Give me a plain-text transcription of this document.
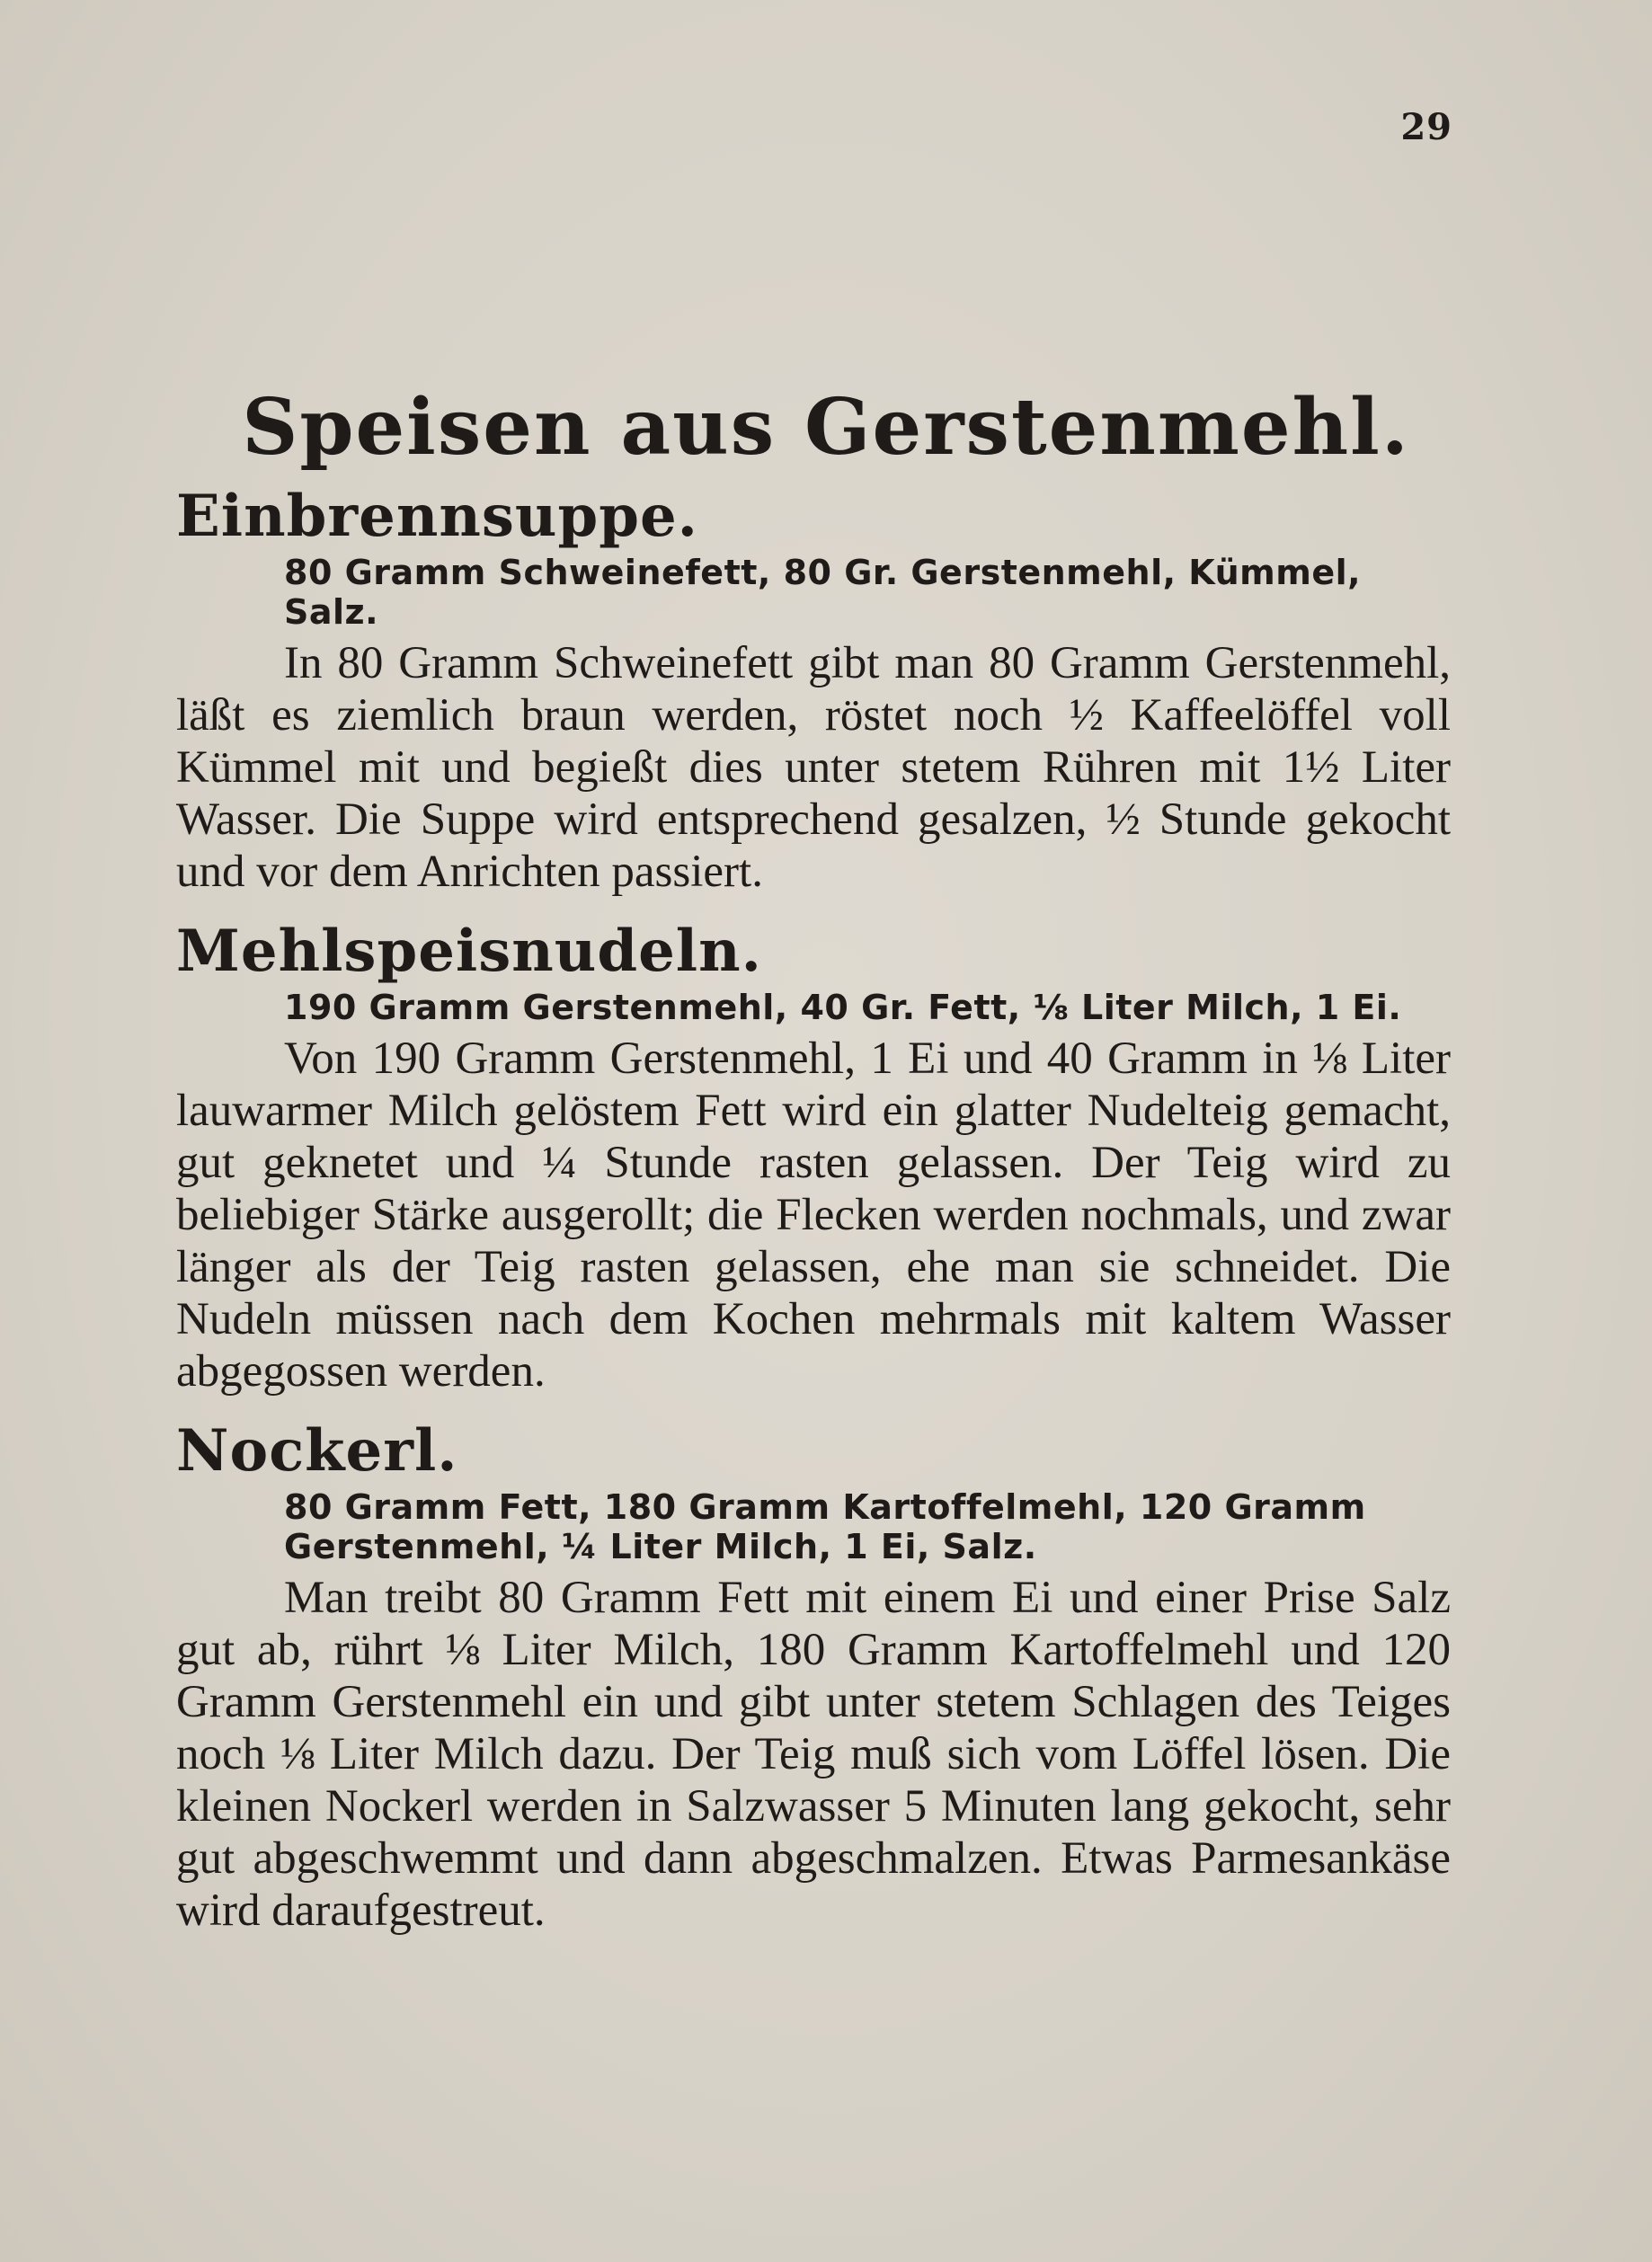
29
Speisen aus Gerstenmehl.
Einbrennsuppe.

80 Gramm Schweinefett, 80 Gr. Gerstenmehl, Kümmel, Salz.

In 80 Gramm Schweinefett gibt man 80 Gramm Gerstenmehl, läßt es ziemlich braun werden, röstet noch ½ Kaffeelöffel voll Kümmel mit und begießt dies unter stetem Rühren mit 1½ Liter Wasser. Die Suppe wird entsprechend gesalzen, ½ Stunde gekocht und vor dem Anrichten passiert.

Mehlspeisnudeln.

190 Gramm Gerstenmehl, 40 Gr. Fett, ⅛ Liter Milch, 1 Ei.

Von 190 Gramm Gerstenmehl, 1 Ei und 40 Gramm in ⅛ Liter lauwarmer Milch gelöstem Fett wird ein glatter Nudelteig gemacht, gut geknetet und ¼ Stunde rasten gelassen. Der Teig wird zu beliebiger Stärke ausgerollt; die Flecken werden nochmals, und zwar länger als der Teig rasten gelassen, ehe man sie schneidet. Die Nudeln müssen nach dem Kochen mehrmals mit kaltem Wasser abgegossen werden.

Nockerl.

80 Gramm Fett, 180 Gramm Kartoffelmehl, 120 Gramm Gerstenmehl, ¼ Liter Milch, 1 Ei, Salz.

Man treibt 80 Gramm Fett mit einem Ei und einer Prise Salz gut ab, rührt ⅛ Liter Milch, 180 Gramm Kartoffelmehl und 120 Gramm Gerstenmehl ein und gibt unter stetem Schlagen des Teiges noch ⅛ Liter Milch dazu. Der Teig muß sich vom Löffel lösen. Die kleinen Nockerl werden in Salzwasser 5 Minuten lang gekocht, sehr gut abgeschwemmt und dann abgeschmalzen. Etwas Parmesankäse wird daraufgestreut.
